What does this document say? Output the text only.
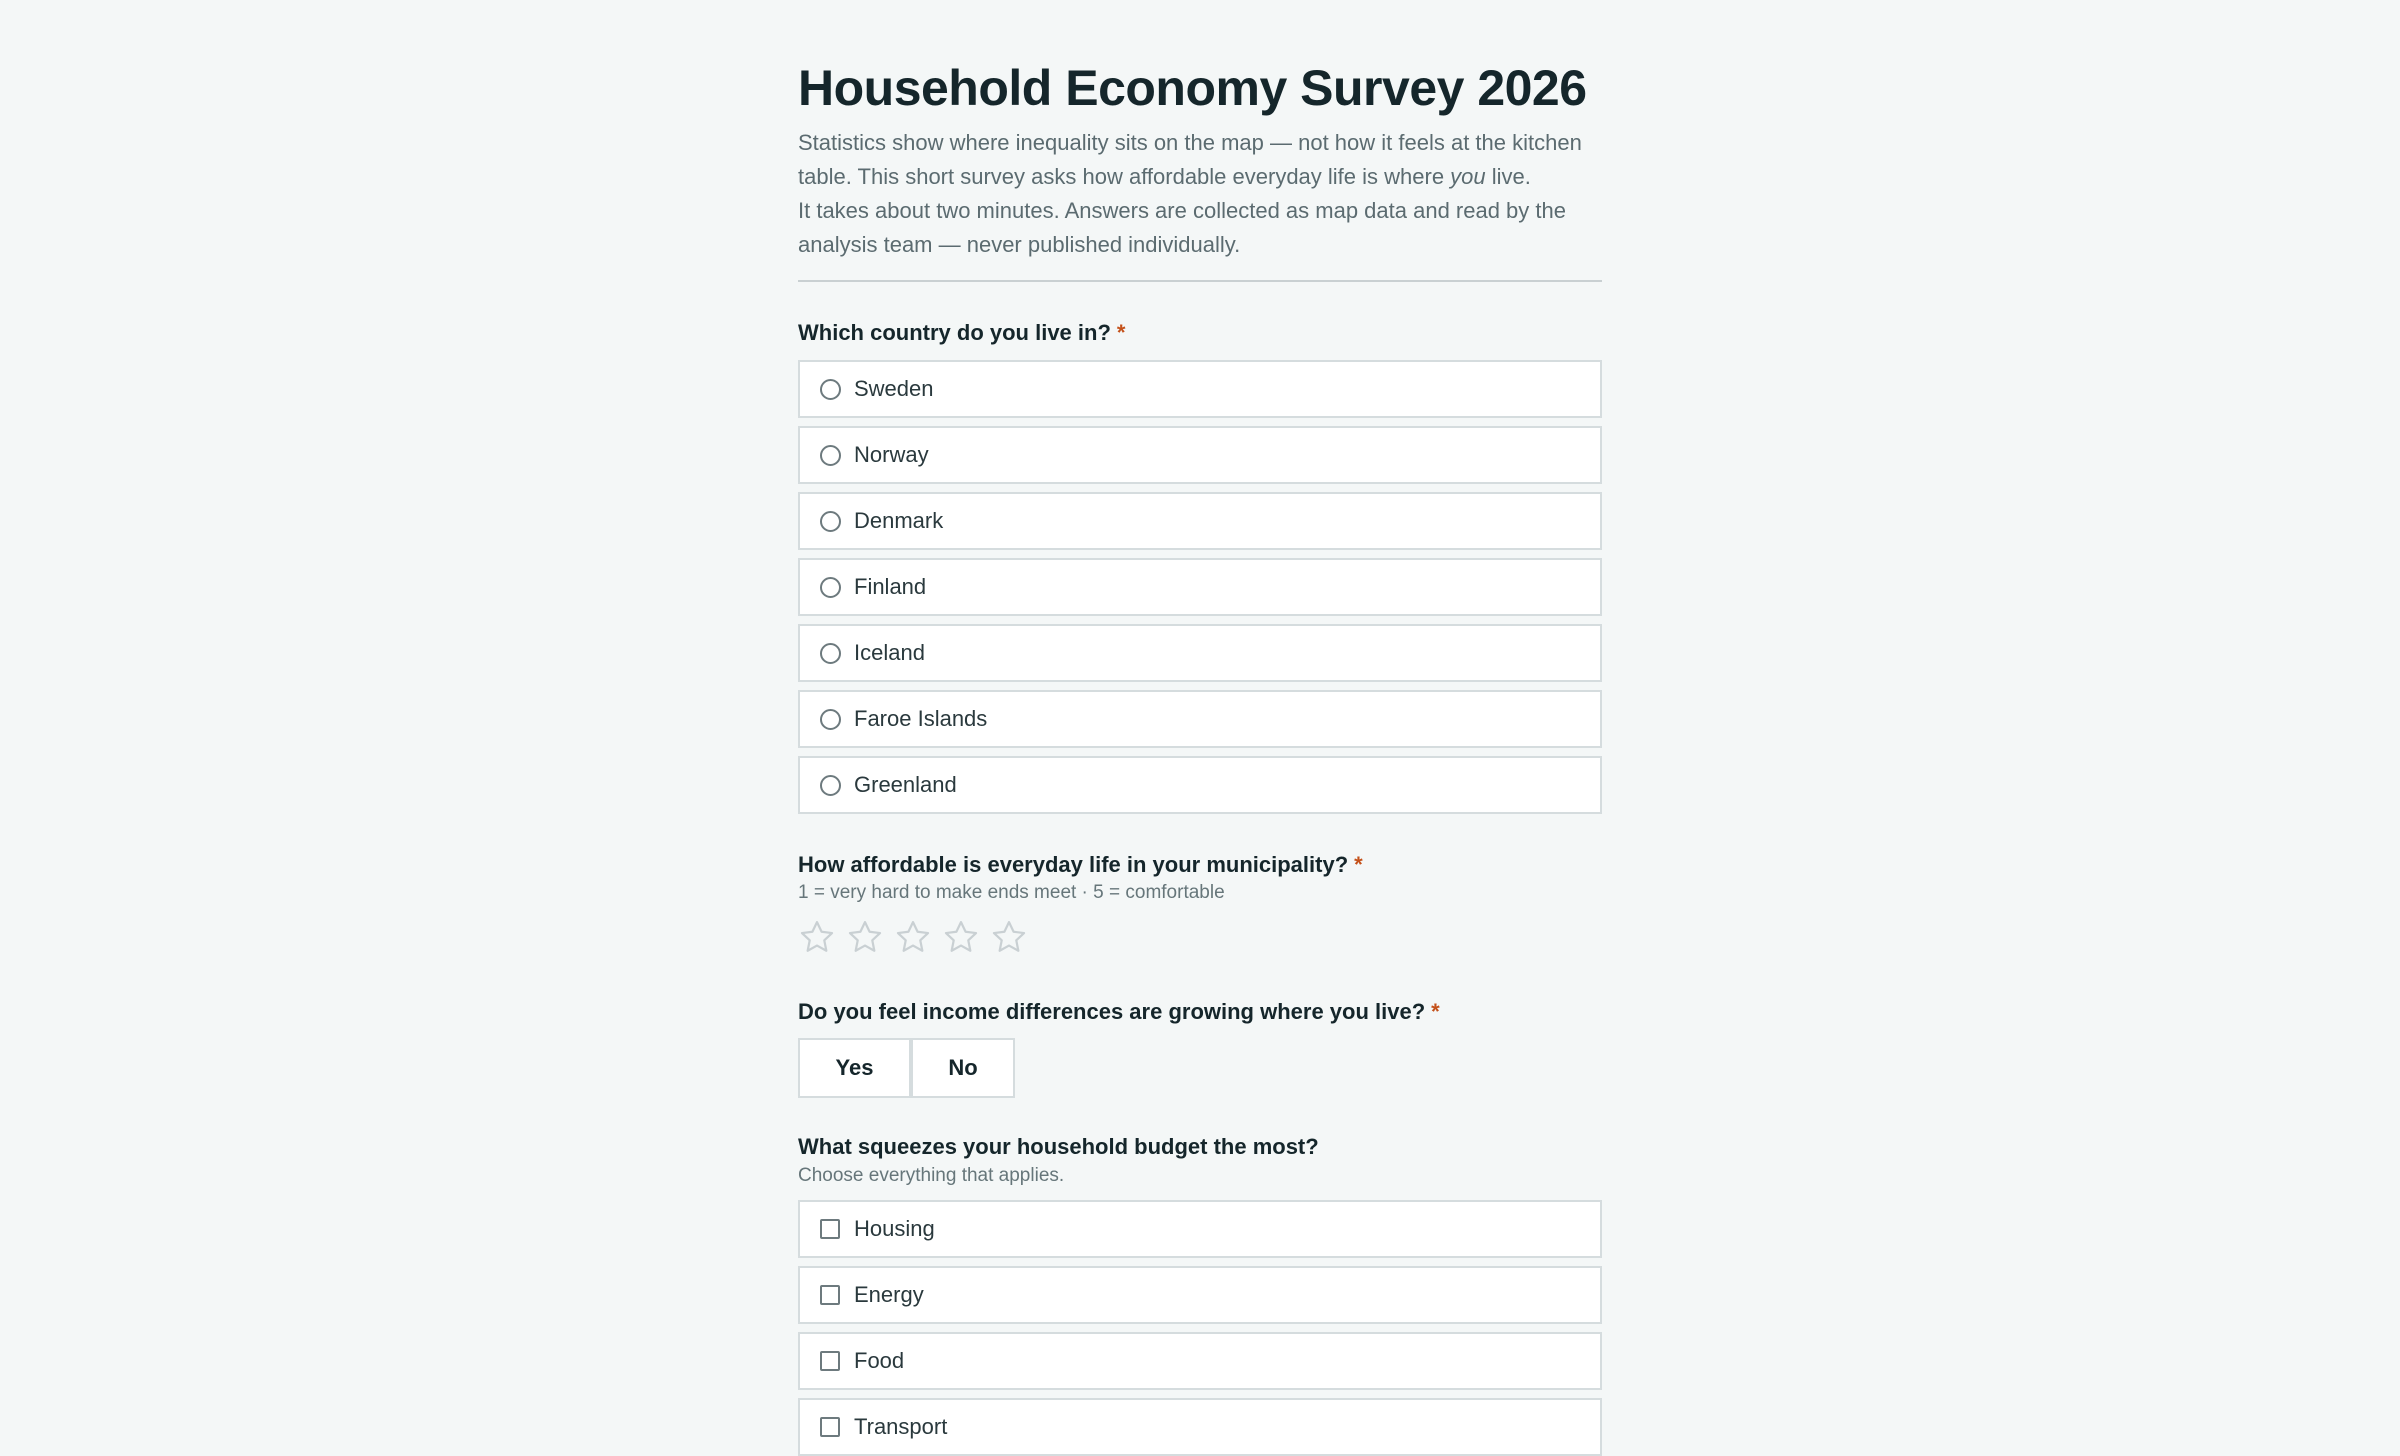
Household Economy Survey 2026

Statistics show where inequality sits on the map — not how it feels at the kitchen table. This short survey asks how affordable everyday life is where you live.

It takes about two minutes. Answers are collected as map data and read by the analysis team — never published individually.

Which country do you live in? *
Sweden
Norway
Denmark
Finland
Iceland
Faroe Islands
Greenland
How affordable is everyday life in your municipality? *
1 = very hard to make ends meet · 5 = comfortable
Do you feel income differences are growing where you live? *
Yes	No
What squeezes your household budget the most?
Choose everything that applies.
Housing
Energy
Food
Transport
